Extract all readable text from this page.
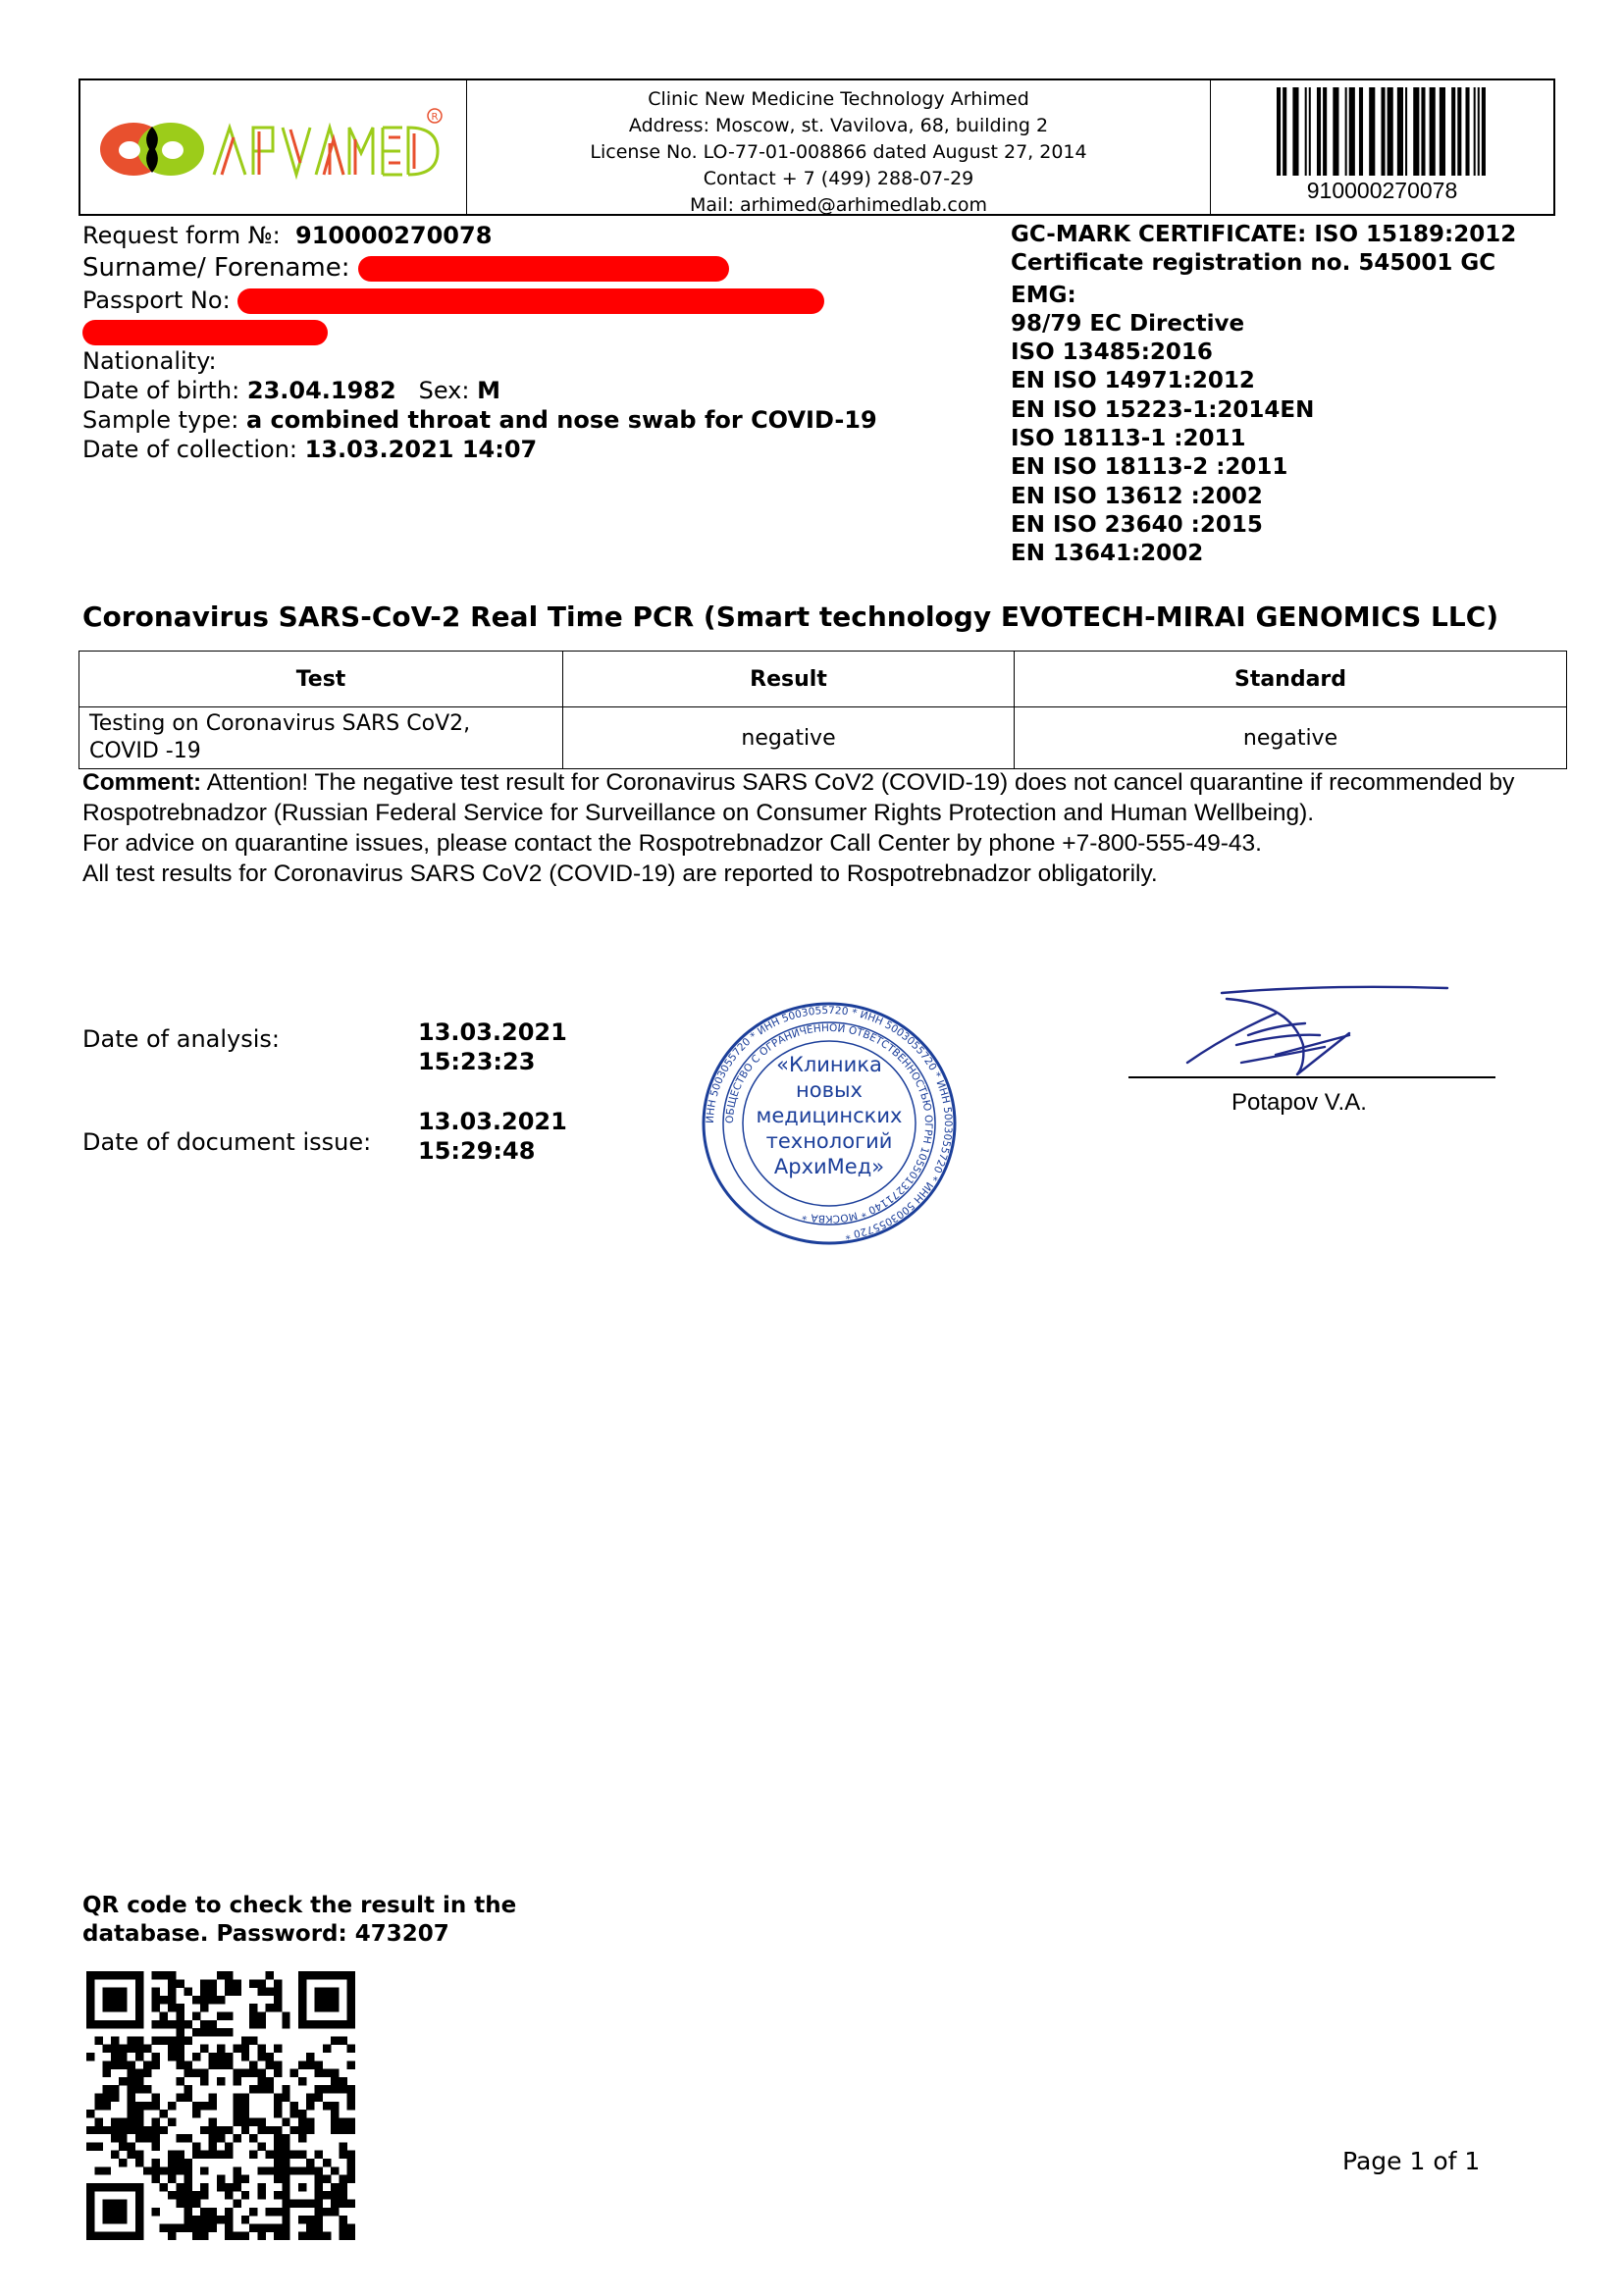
R
Clinic New Medicine Technology Arhimed
Address: Moscow, st. Vavilova, 68, building 2
License No. LO-77-01-008866 dated August 27, 2014
Contact + 7 (499) 288-07-29
Mail: arhimed@arhimedlab.com
910000270078
Request form №: 910000270078
Surname/ Forename:
Passport No:
Nationality:
Date of birth: 23.04.1982 Sex: M
Sample type: a combined throat and nose swab for COVID-19
Date of collection: 13.03.2021 14:07
GC-MARK CERTIFICATE: ISO 15189:2012
Certificate registration no. 545001 GC
EMG:
98/79 EC Directive
ISO 13485:2016
EN ISO 14971:2012
EN ISO 15223-1:2014EN
ISO 18113-1 :2011
EN ISO 18113-2 :2011
EN ISO 13612 :2002
EN ISO 23640 :2015
EN 13641:2002
Coronavirus SARS-CoV-2 Real Time PCR (Smart technology EVOTECH-MIRAI GENOMICS LLC)
Test	Result	Standard

Testing on Coronavirus SARS CoV2,
COVID -19	negative	negative
Comment: Attention! The negative test result for Coronavirus SARS CoV2 (COVID-19) does not cancel quarantine if recommended by Rospotrebnadzor (Russian Federal Service for Surveillance on Consumer Rights Protection and Human Wellbeing).
For advice on quarantine issues, please contact the Rospotrebnadzor Call Center by phone +7-800-555-49-43.
All test results for Coronavirus SARS CoV2 (COVID-19) are reported to Rospotrebnadzor obligatorily.
Date of analysis:	13.03.2021
15:23:23
Date of document issue:
13.03.2021
15:29:48
ИНН 5003055720 * ИНН 5003055720 * ИНН 5003055720 * ИНН 5003055720 * ИНН 5003055720 *
ОБЩЕСТВО С ОГРАНИЧЕННОЙ ОТВЕТСТВЕННОСТЬЮ ОГРН 1055013271140 * МОСКВА *
«Клиника
новых
медицинских
технологий
АрхиМед»
Potapov V.A.
QR code to check the result in the
database. Password: 473207
Page 1 of 1
